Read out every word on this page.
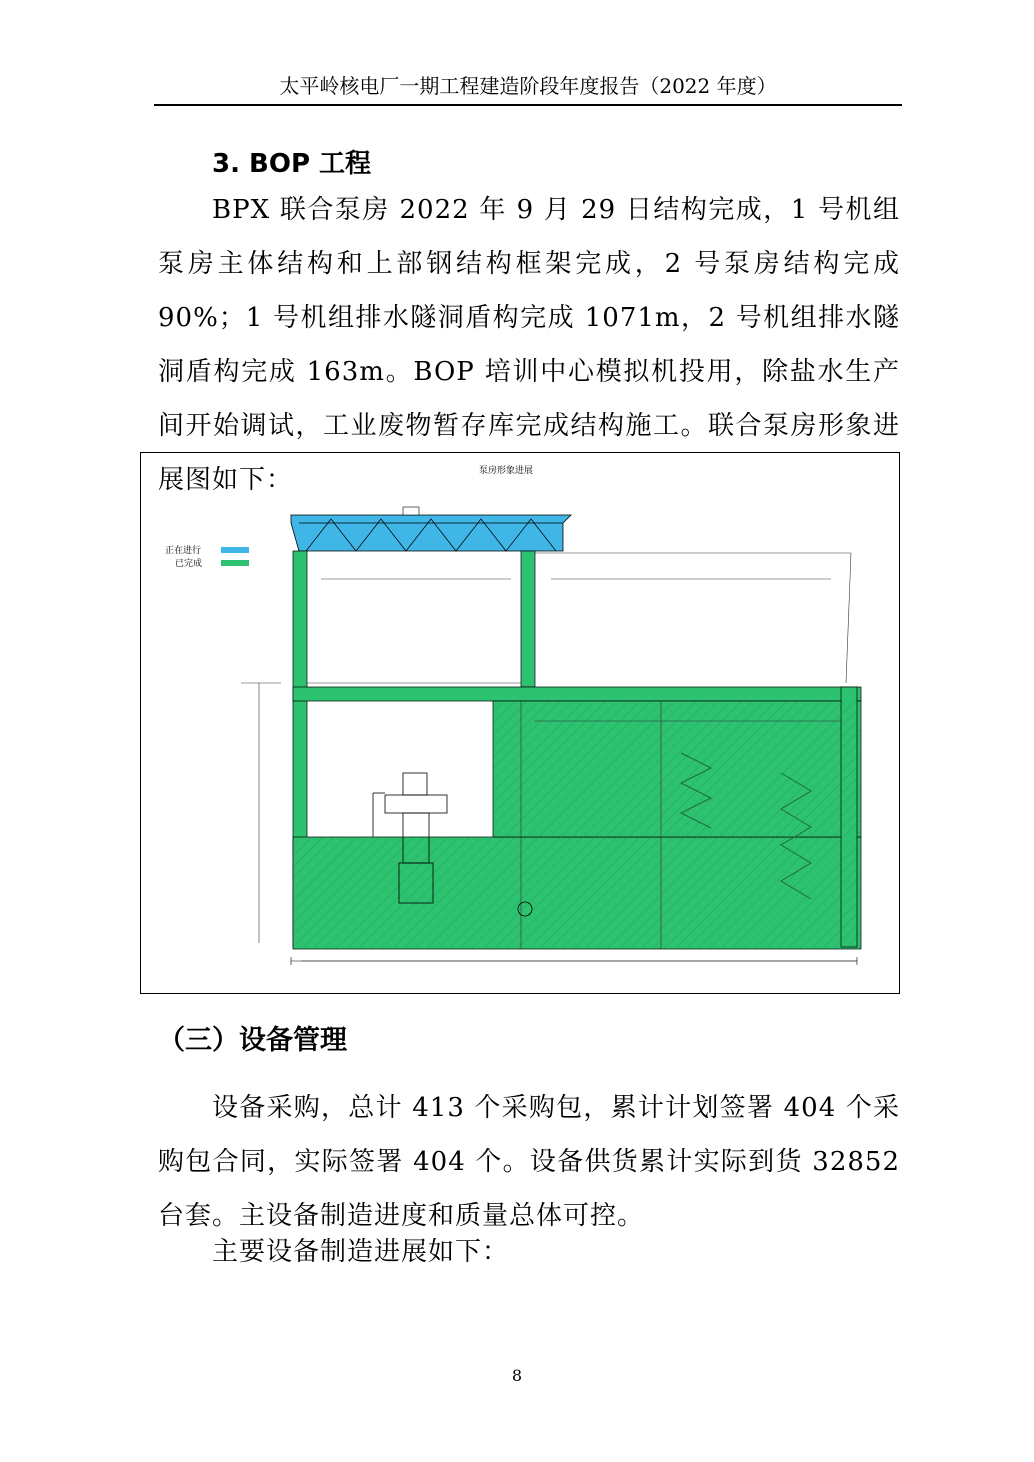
太平岭核电厂一期工程建造阶段年度报告（2022 年度）
3. BOP 工程

BPX 联合泵房 2022 年 9 月 29 日结构完成，1 号机组泵房主体结构和上部钢结构框架完成，2 号泵房结构完成 90%；1 号机组排水隧洞盾构完成 1071m，2 号机组排水隧洞盾构完成 163m。BOP 培训中心模拟机投用，除盐水生产间开始调试，工业废物暂存库完成结构施工。联合泵房形象进展图如下：	泵房形象进展
正在进行
已完成
（三）设备管理

设备采购，总计 413 个采购包，累计计划签署 404 个采购包合同，实际签署 404 个。设备供货累计实际到货 32852 台套。主设备制造进度和质量总体可控。

主要设备制造进展如下：

8
